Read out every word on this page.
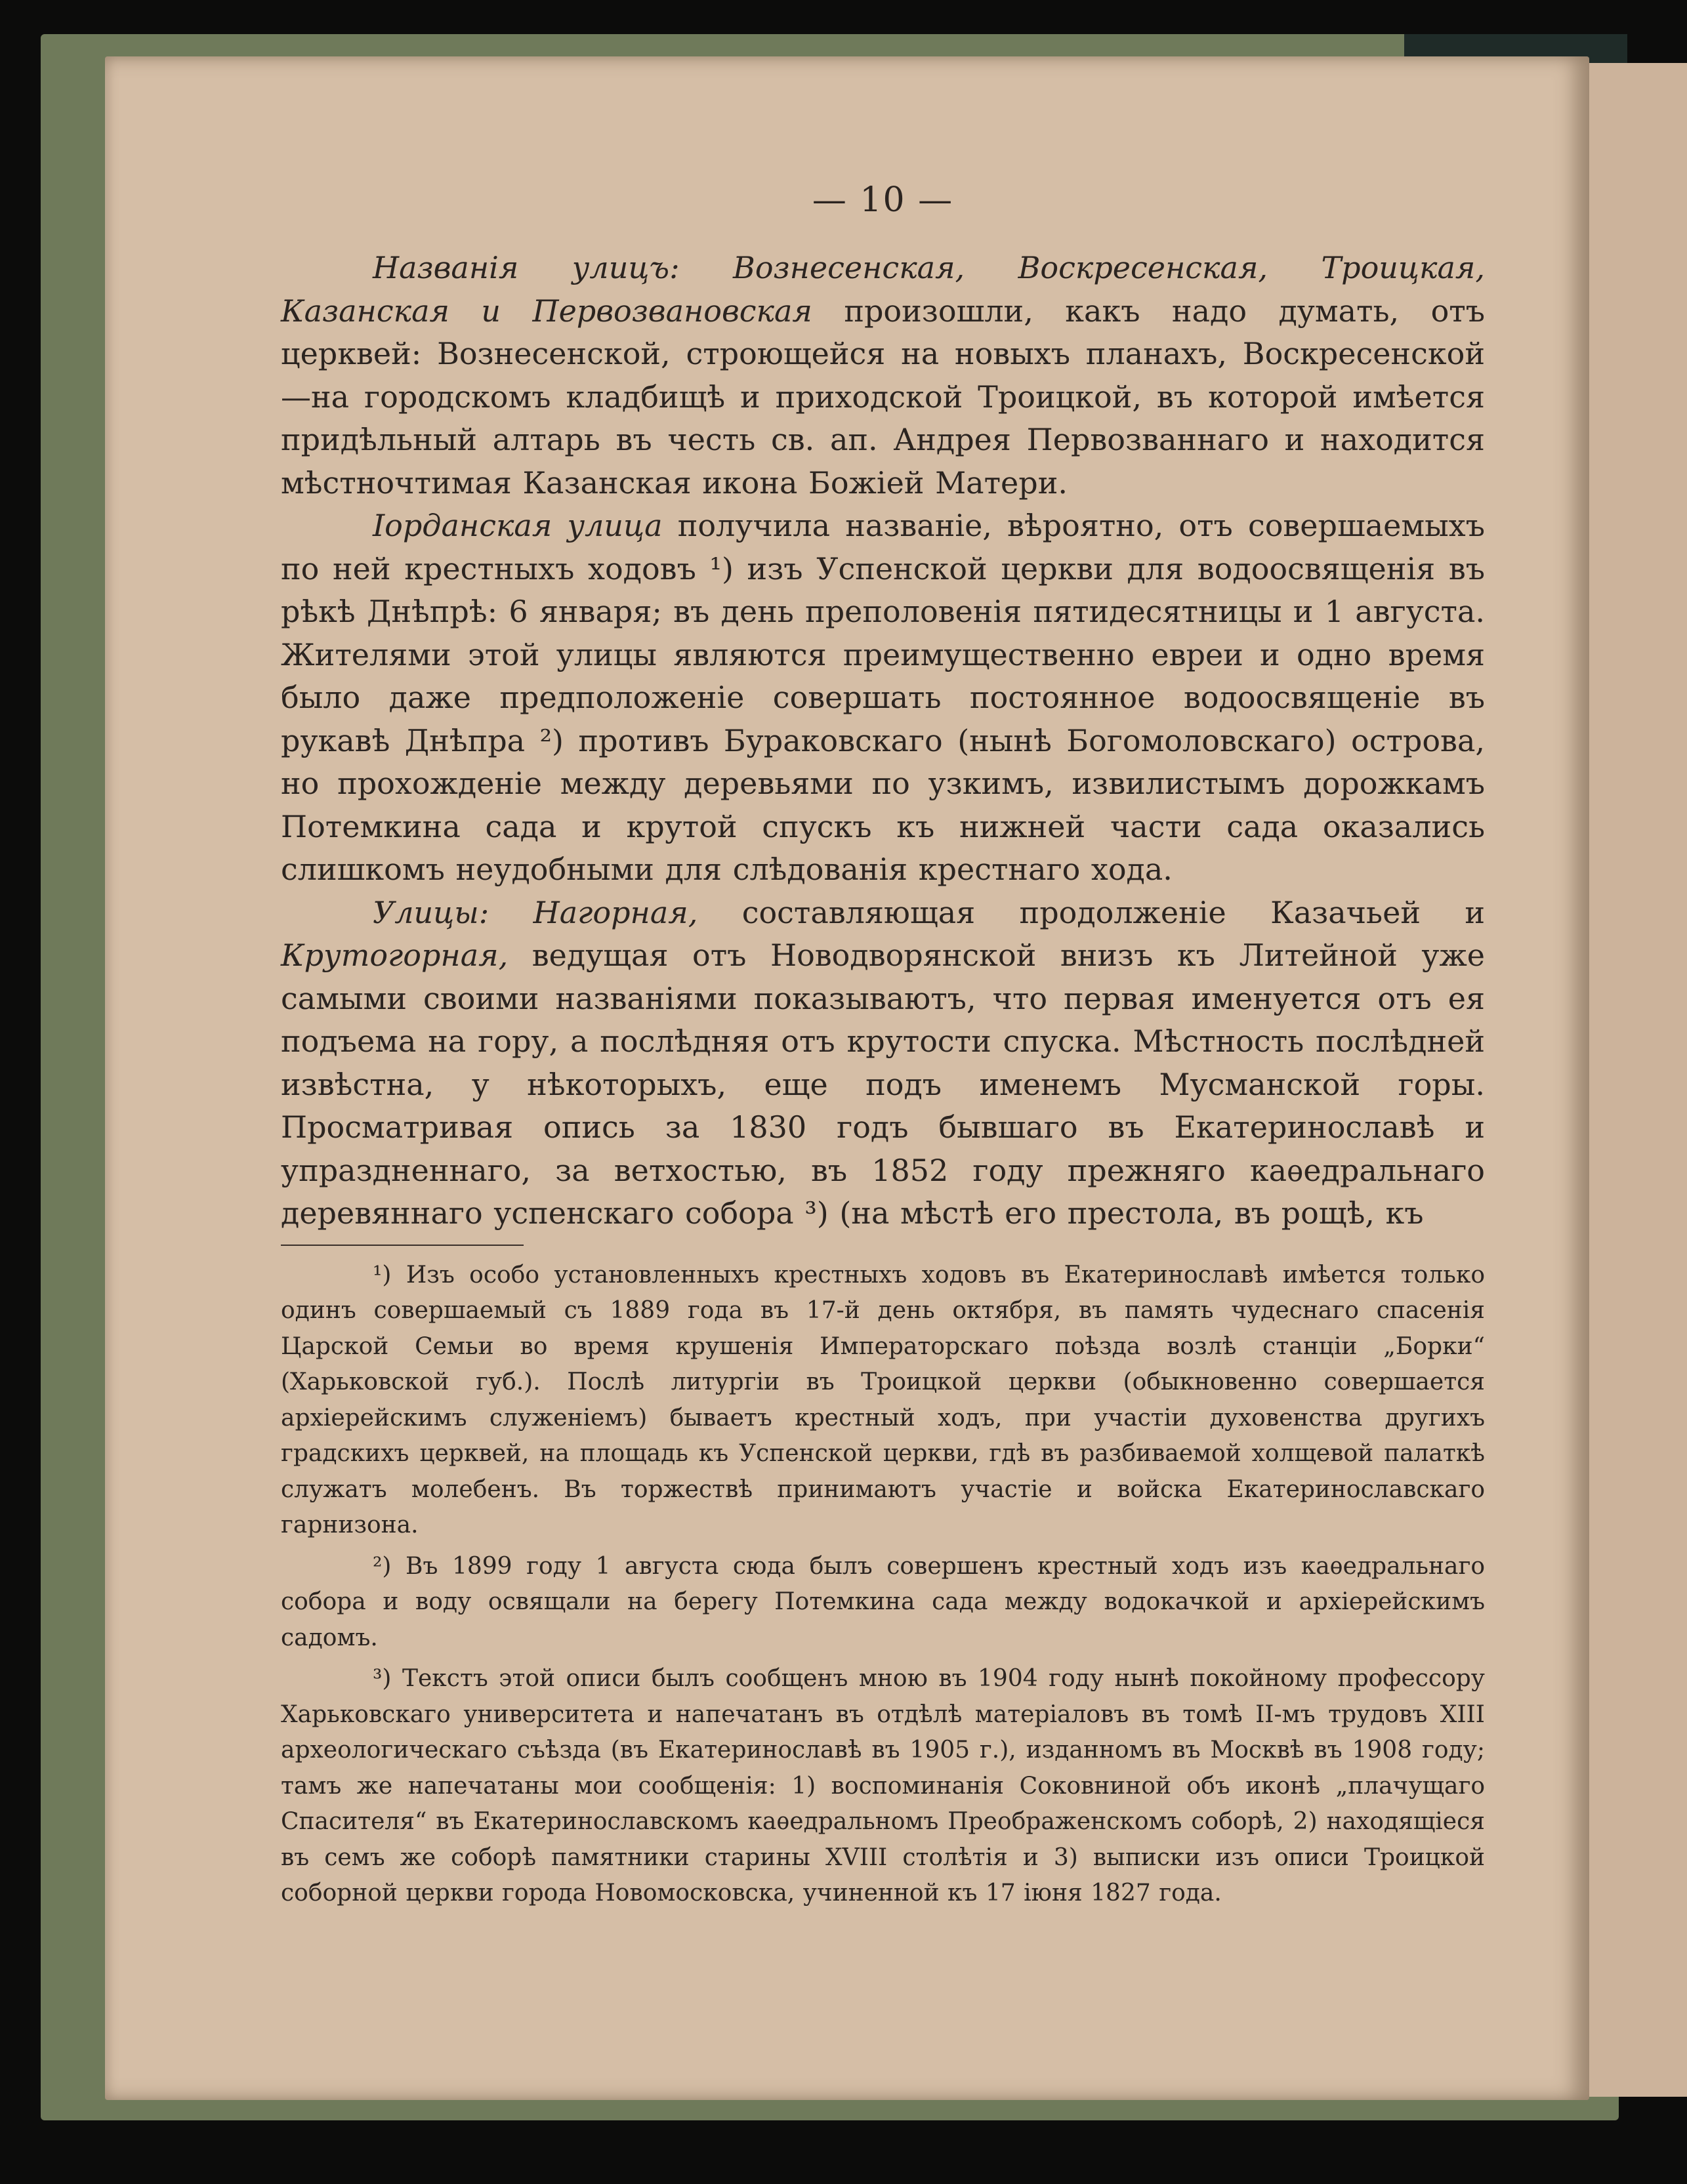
— 10 —

Названія улицъ: Вознесенская, Воскресенская, Троицкая, Казанская и Первозвановская произошли, какъ надо думать, отъ церквей: Вознесенской, строющейся на новыхъ планахъ, Воскресенской—на городскомъ кладбищѣ и приходской Троицкой, въ которой имѣется придѣльный алтарь въ честь св. ап. Андрея Первозваннаго и находится мѣстночтимая Казанская икона Божіей Матери.

Іорданская улица получила названіе, вѣроятно, отъ совершаемыхъ по ней крестныхъ ходовъ ¹) изъ Успенской церкви для водоосвященія въ рѣкѣ Днѣпрѣ: 6 января; въ день преполовенія пятидесятницы и 1 августа. Жителями этой улицы являются преимущественно евреи и одно время было даже предположеніе совершать постоянное водоосвященіе въ рукавѣ Днѣпра ²) противъ Бураковскаго (нынѣ Богомоловскаго) острова, но прохожденіе между деревьями по узкимъ, извилистымъ дорожкамъ Потемкина сада и крутой спускъ къ нижней части сада оказались слишкомъ неудобными для слѣдованія крестнаго хода.

Улицы: Нагорная, составляющая продолженіе Казачьей и Крутогорная, ведущая отъ Новодворянской внизъ къ Литейной уже самыми своими названіями показываютъ, что первая именуется отъ ея подъема на гору, а послѣдняя отъ крутости спуска. Мѣстность послѣдней извѣстна, у нѣкоторыхъ, еще подъ именемъ Мусманской горы. Просматривая опись за 1830 годъ бывшаго въ Екатеринославѣ и упраздненнаго, за ветхостью, въ 1852 году прежняго каѳедральнаго деревяннаго успенскаго собора ³) (на мѣстѣ его престола, въ рощѣ, къ

¹) Изъ особо установленныхъ крестныхъ ходовъ въ Екатеринославѣ имѣется только одинъ совершаемый съ 1889 года въ 17-й день октября, въ память чудеснаго спасенія Царской Семьи во время крушенія Императорскаго поѣзда возлѣ станціи „Борки“ (Харьковской губ.). Послѣ литургіи въ Троицкой церкви (обыкновенно совершается архіерейскимъ служеніемъ) бываетъ крестный ходъ, при участіи духовенства другихъ градскихъ церквей, на площадь къ Успенской церкви, гдѣ въ разбиваемой холщевой палаткѣ служатъ молебенъ. Въ торжествѣ принимаютъ участіе и войска Екатеринославскаго гарнизона.

²) Въ 1899 году 1 августа сюда былъ совершенъ крестный ходъ изъ каѳедральнаго собора и воду освящали на берегу Потемкина сада между водокачкой и архіерейскимъ садомъ.

³) Текстъ этой описи былъ сообщенъ мною въ 1904 году нынѣ покойному профессору Харьковскаго университета и напечатанъ въ отдѣлѣ матеріаловъ въ томѣ II-мъ трудовъ XIII археологическаго съѣзда (въ Екатеринославѣ въ 1905 г.), изданномъ въ Москвѣ въ 1908 году; тамъ же напечатаны мои сообщенія: 1) воспоминанія Соковниной объ иконѣ „плачущаго Спасителя“ въ Екатеринославскомъ каѳедральномъ Преображенскомъ соборѣ, 2) находящіеся въ семъ же соборѣ памятники старины XVIII столѣтія и 3) выписки изъ описи Троицкой соборной церкви города Новомосковска, учиненной къ 17 іюня 1827 года.
